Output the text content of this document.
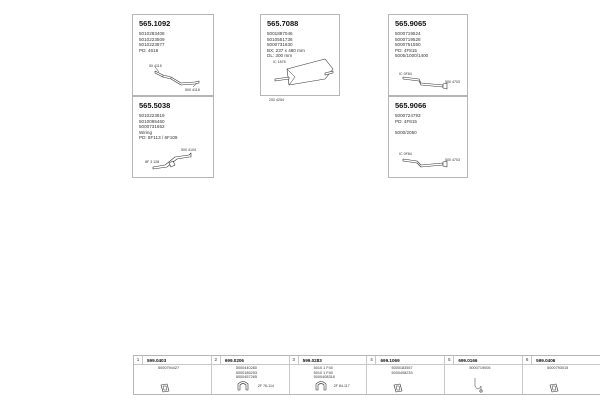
565.1092
5010283408
5010223509
5010223877
PD: 4618
50 4115
500 4118
565.7088
5001887046
5010551736
5000731630
BX: 237 x 480 mm
DL: 300 mm
200 4254
IC 1878
565.9065
5000719524
5000719528
5000751550
PD: 4F815
5005/1000/1400
IC 0F84
500 4703
565.5038
5010223619
5010095460
5000731652
Wiring
PD: 8F113 / 6F109
500 4104
8F 3 128
565.9066
5000724793
PD: 4F815
5000/2050
IC 0F84
500 4703
1	599.0403
5000794427
2	699.0206
5000440280
5000185253
5000457265
2F 76-114
3	599.0283
5010 1 F40
5010 1 F40
5000408318
2F 84-117
4	699.1069
5000183557
5000408233
5	699.0166
5000719005
6	599.0406
5000793015
